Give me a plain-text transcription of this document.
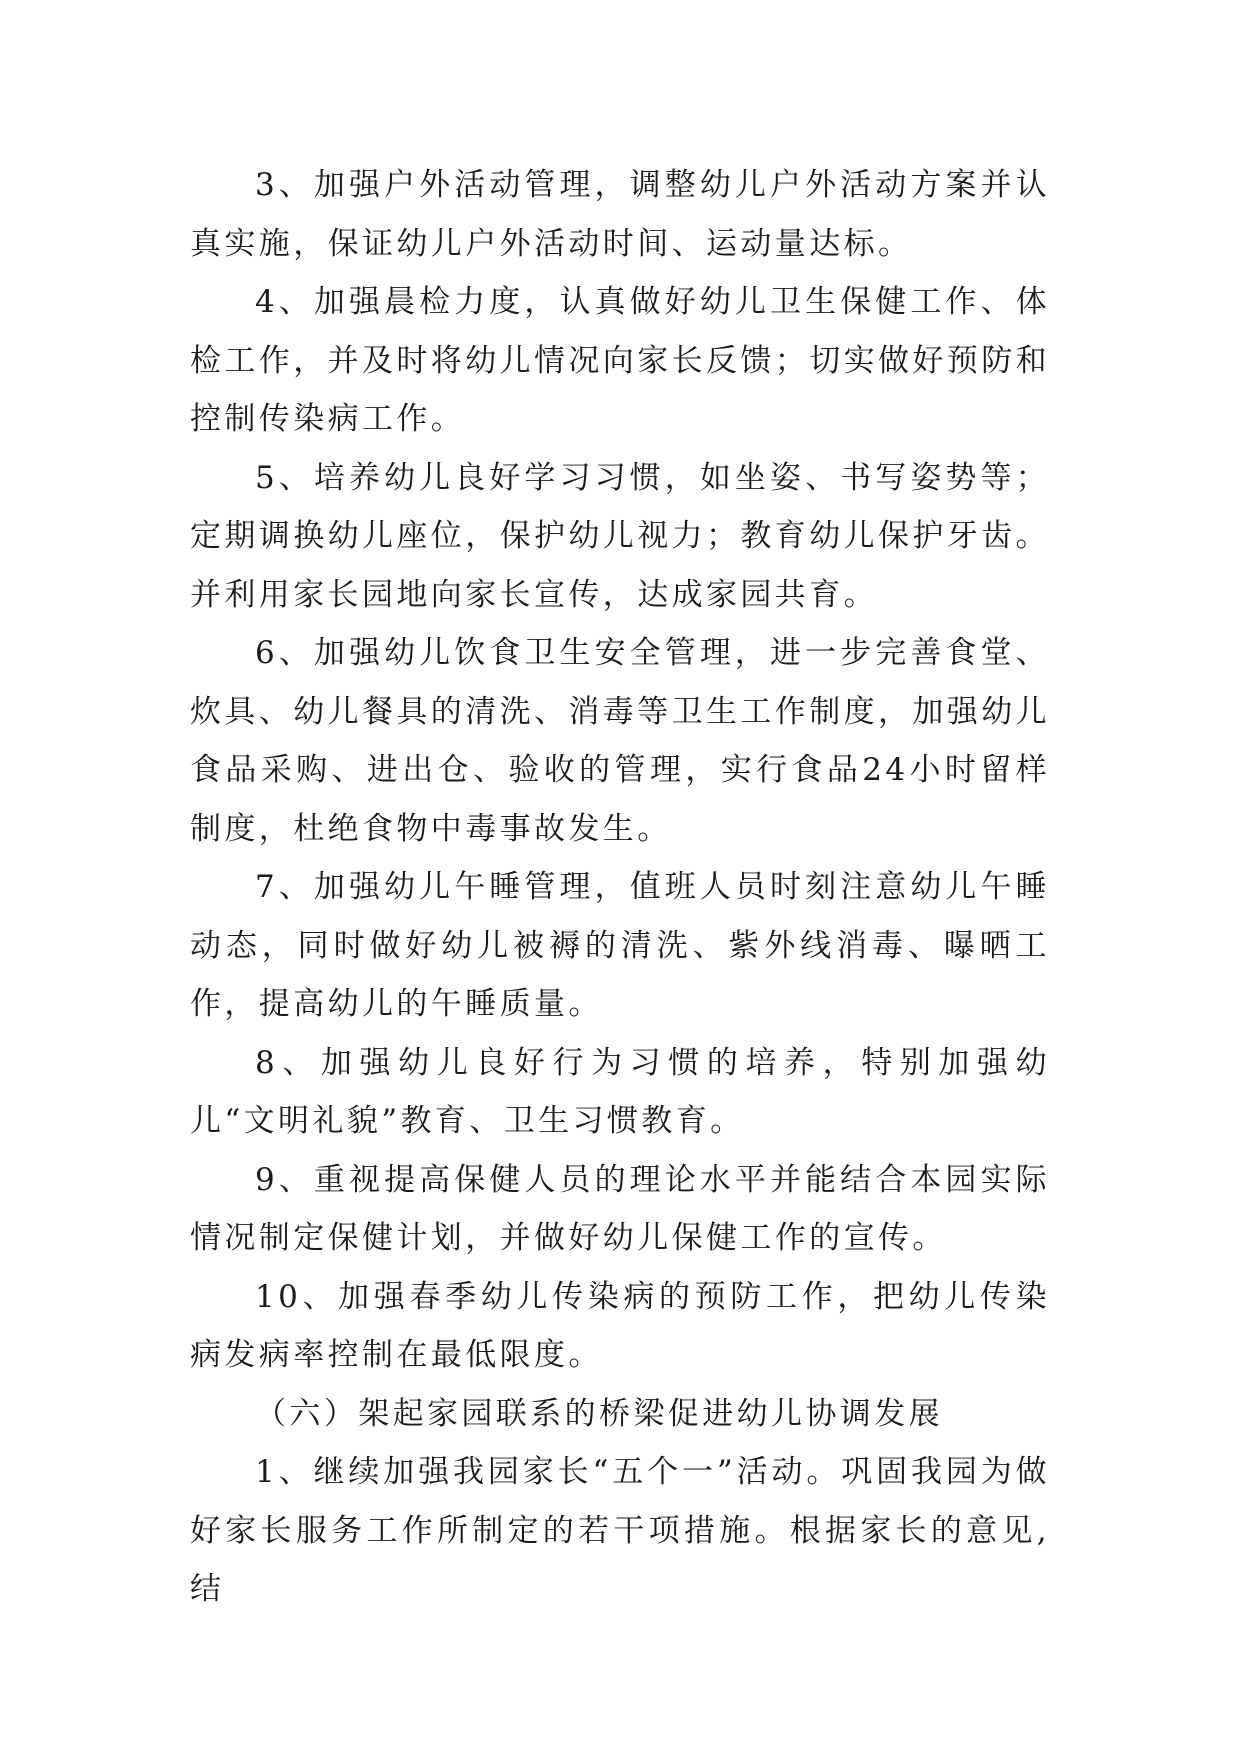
3、加强户外活动管理，调整幼儿户外活动方案并认真实施，保证幼儿户外活动时间、运动量达标。

4、加强晨检力度，认真做好幼儿卫生保健工作、体检工作，并及时将幼儿情况向家长反馈；切实做好预防和控制传染病工作。

5、培养幼儿良好学习习惯，如坐姿、书写姿势等；定期调换幼儿座位，保护幼儿视力；教育幼儿保护牙齿。并利用家长园地向家长宣传，达成家园共育。

6、加强幼儿饮食卫生安全管理，进一步完善食堂、炊具、幼儿餐具的清洗、消毒等卫生工作制度，加强幼儿食品采购、进出仓、验收的管理，实行食品24小时留样制度，杜绝食物中毒事故发生。

7、加强幼儿午睡管理，值班人员时刻注意幼儿午睡动态，同时做好幼儿被褥的清洗、紫外线消毒、曝晒工作，提高幼儿的午睡质量。

8、加强幼儿良好行为习惯的培养，特别加强幼儿“文明礼貌”教育、卫生习惯教育。

9、重视提高保健人员的理论水平并能结合本园实际情况制定保健计划，并做好幼儿保健工作的宣传。

10、加强春季幼儿传染病的预防工作，把幼儿传染病发病率控制在最低限度。

（六）架起家园联系的桥梁促进幼儿协调发展

1、继续加强我园家长“五个一”活动。巩固我园为做好家长服务工作所制定的若干项措施。根据家长的意见,结
